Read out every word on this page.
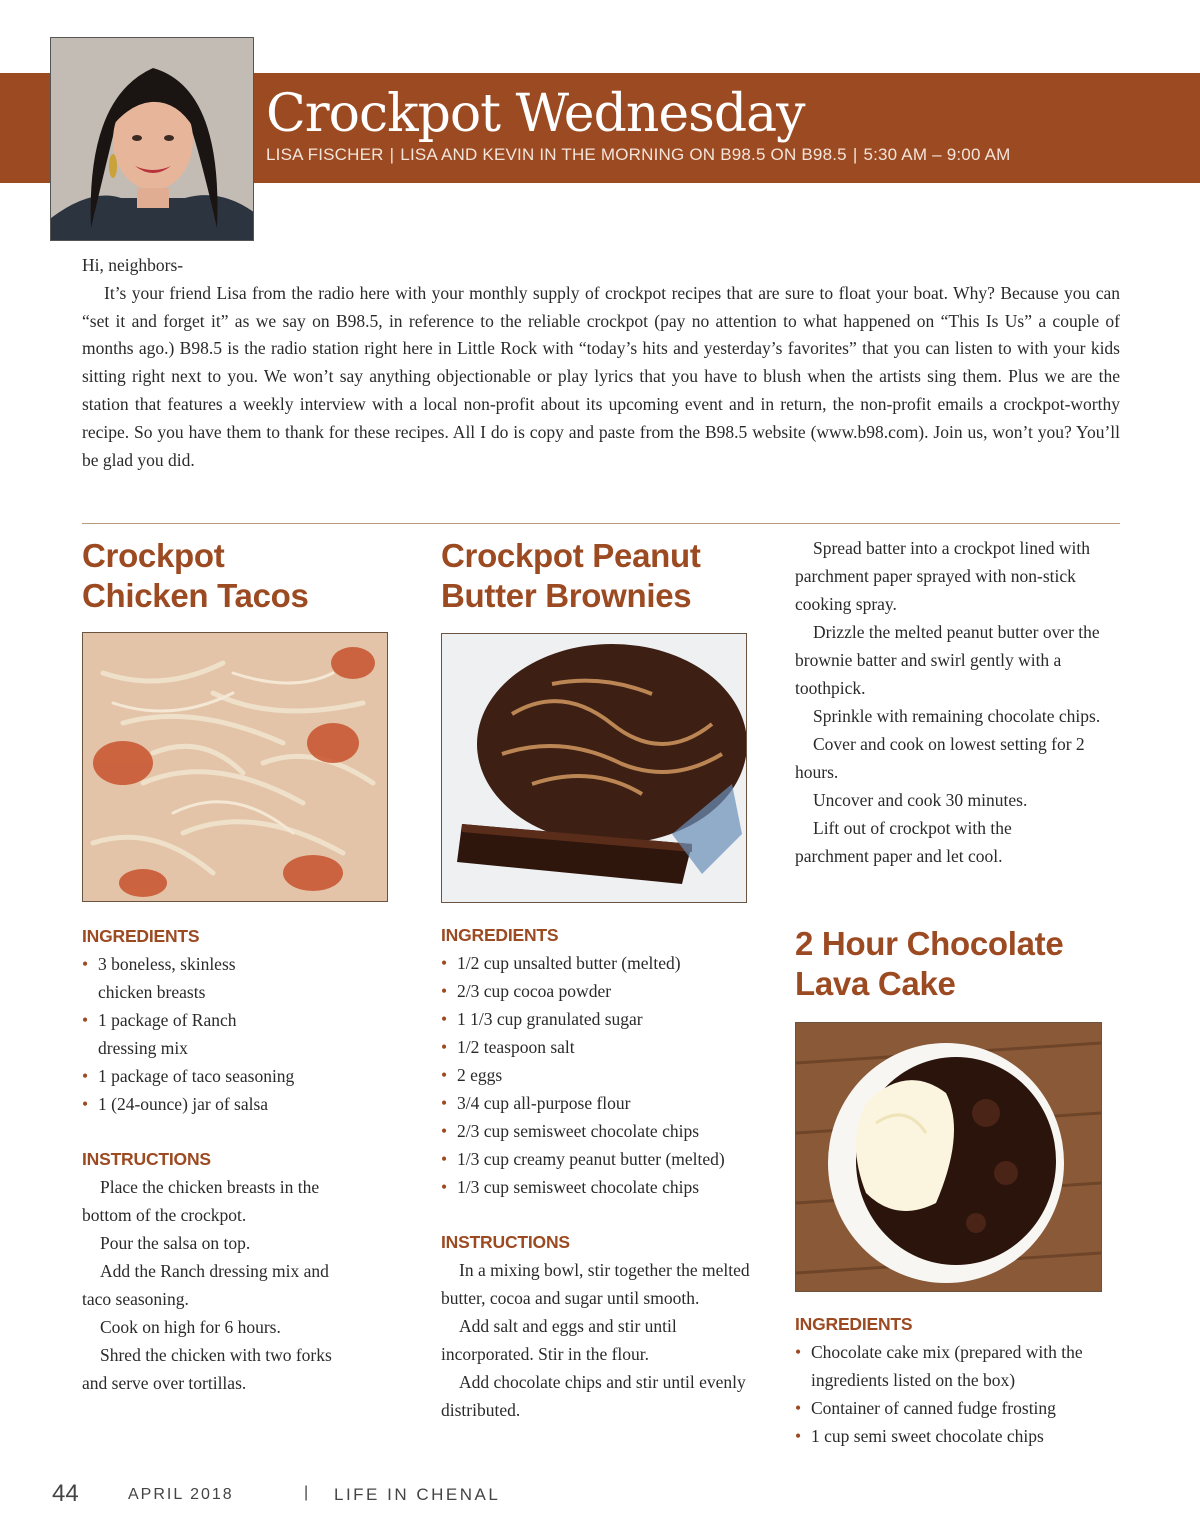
Crockpot Wednesday
LISA FISCHER | LISA AND KEVIN IN THE MORNING ON B98.5 ON B98.5 | 5:30 AM – 9:00 AM

Hi, neighbors-

It’s your friend Lisa from the radio here with your monthly supply of crockpot recipes that are sure to float your boat. Why? Because you can “set it and forget it” as we say on B98.5, in reference to the reliable crockpot (pay no attention to what happened on “This Is Us” a couple of months ago.) B98.5 is the radio station right here in Little Rock with “today’s hits and yesterday’s favorites” that you can listen to with your kids sitting right next to you. We won’t say anything objectionable or play lyrics that you have to blush when the artists sing them. Plus we are the station that features a weekly interview with a local non-profit about its upcoming event and in return, the non-profit emails a crockpot-worthy recipe. So you have them to thank for these recipes. All I do is copy and paste from the B98.5 website (www.b98.com). Join us, won’t you? You’ll be glad you did.

Crockpot
Chicken Tacos
INGREDIENTS
• 3 boneless, skinless chicken breasts
• 1 package of Ranch dressing mix
• 1 package of taco seasoning
• 1 (24-ounce) jar of salsa
INSTRUCTIONS

Place the chicken breasts in the bottom of the crockpot.

Pour the salsa on top.

Add the Ranch dressing mix and taco seasoning.

Cook on high for 6 hours.

Shred the chicken with two forks and serve over tortillas.

Crockpot Peanut
Butter Brownies
INGREDIENTS
• 1/2 cup unsalted butter (melted)
• 2/3 cup cocoa powder
• 1 1/3 cup granulated sugar
• 1/2 teaspoon salt
• 2 eggs
• 3/4 cup all-purpose flour
• 2/3 cup semisweet chocolate chips
• 1/3 cup creamy peanut butter (melted)
• 1/3 cup semisweet chocolate chips
INSTRUCTIONS

In a mixing bowl, stir together the melted butter, cocoa and sugar until smooth.

Add salt and eggs and stir until incorporated. Stir in the flour.

Add chocolate chips and stir until evenly distributed.

Spread batter into a crockpot lined with parchment paper sprayed with non-stick cooking spray.

Drizzle the melted peanut butter over the brownie batter and swirl gently with a toothpick.

Sprinkle with remaining chocolate chips.

Cover and cook on lowest setting for 2 hours.

Uncover and cook 30 minutes.

Lift out of crockpot with the parchment paper and let cool.

2 Hour Chocolate
Lava Cake
INGREDIENTS
• Chocolate cake mix (prepared with the ingredients listed on the box)
• Container of canned fudge frosting
• 1 cup semi sweet chocolate chips
44	APRIL 2018	| LIFE IN CHENAL
